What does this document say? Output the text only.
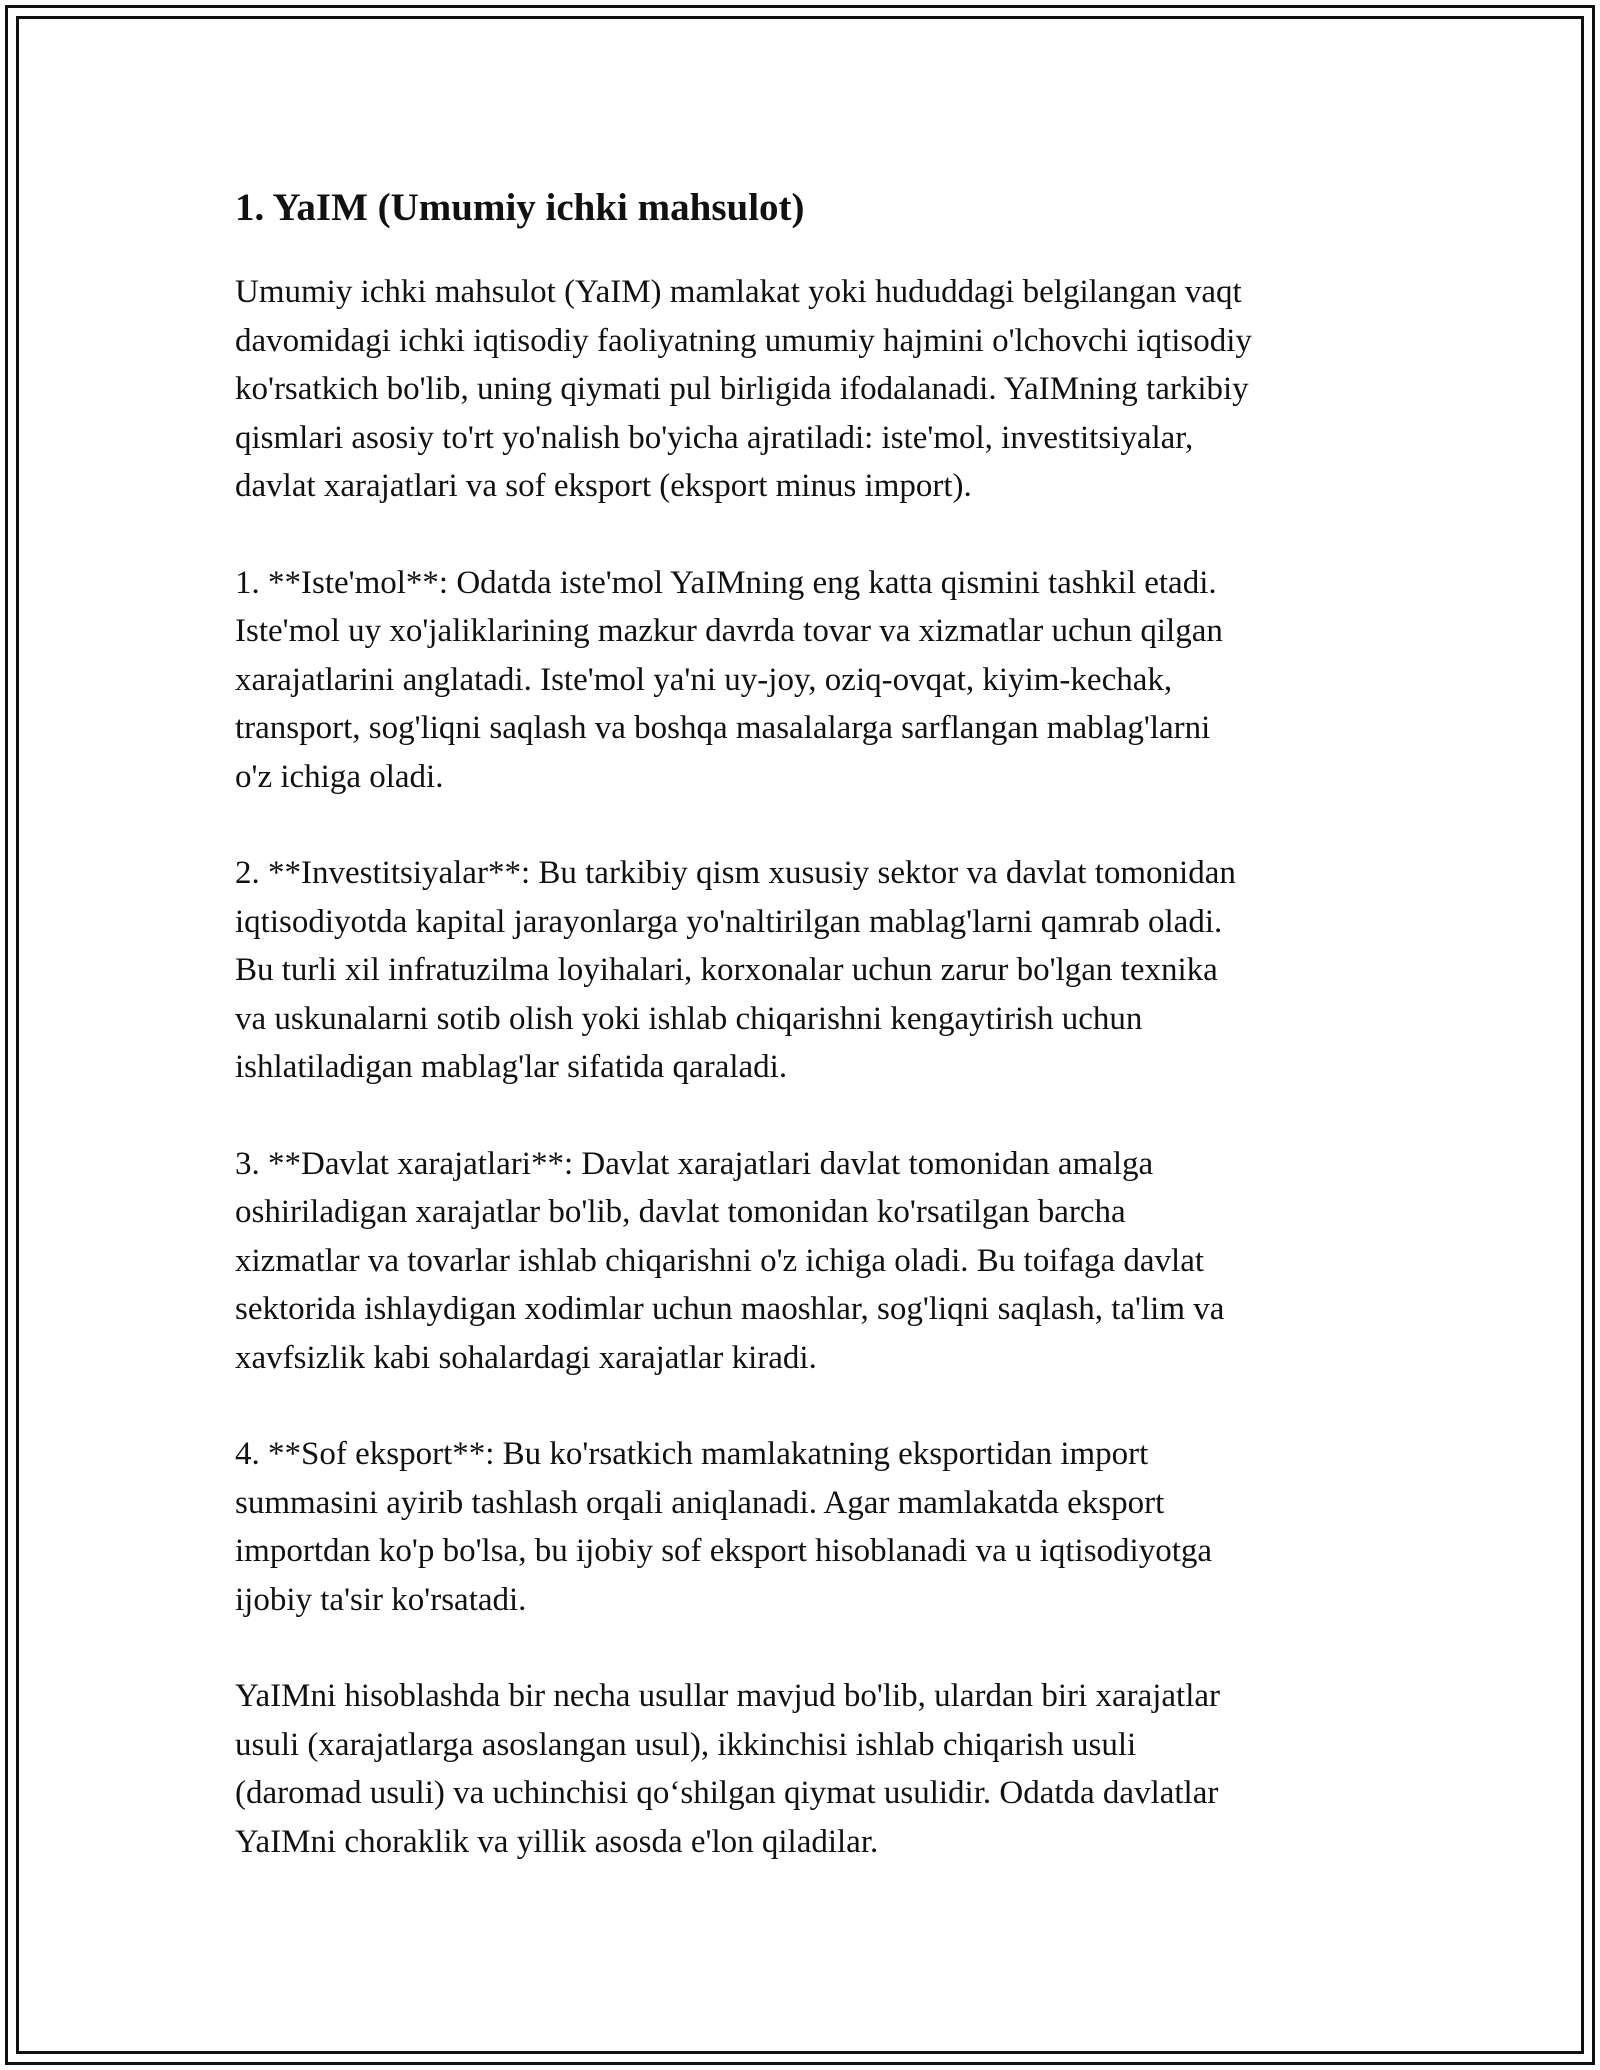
1. YaIM (Umumiy ichki mahsulot)

Umumiy ichki mahsulot (YaIM) mamlakat yoki hududdagi belgilangan vaqt
davomidagi ichki iqtisodiy faoliyatning umumiy hajmini o'lchovchi iqtisodiy
ko'rsatkich bo'lib, uning qiymati pul birligida ifodalanadi. YaIMning tarkibiy
qismlari asosiy to'rt yo'nalish bo'yicha ajratiladi: iste'mol, investitsiyalar,
davlat xarajatlari va sof eksport (eksport minus import).

1. **Iste'mol**: Odatda iste'mol YaIMning eng katta qismini tashkil etadi.
Iste'mol uy xo'jaliklarining mazkur davrda tovar va xizmatlar uchun qilgan
xarajatlarini anglatadi. Iste'mol ya'ni uy-joy, oziq-ovqat, kiyim-kechak,
transport, sog'liqni saqlash va boshqa masalalarga sarflangan mablag'larni
o'z ichiga oladi.

2. **Investitsiyalar**: Bu tarkibiy qism xususiy sektor va davlat tomonidan
iqtisodiyotda kapital jarayonlarga yo'naltirilgan mablag'larni qamrab oladi.
Bu turli xil infratuzilma loyihalari, korxonalar uchun zarur bo'lgan texnika
va uskunalarni sotib olish yoki ishlab chiqarishni kengaytirish uchun
ishlatiladigan mablag'lar sifatida qaraladi.

3. **Davlat xarajatlari**: Davlat xarajatlari davlat tomonidan amalga
oshiriladigan xarajatlar bo'lib, davlat tomonidan ko'rsatilgan barcha
xizmatlar va tovarlar ishlab chiqarishni o'z ichiga oladi. Bu toifaga davlat
sektorida ishlaydigan xodimlar uchun maoshlar, sog'liqni saqlash, ta'lim va
xavfsizlik kabi sohalardagi xarajatlar kiradi.

4. **Sof eksport**: Bu ko'rsatkich mamlakatning eksportidan import
summasini ayirib tashlash orqali aniqlanadi. Agar mamlakatda eksport
importdan ko'p bo'lsa, bu ijobiy sof eksport hisoblanadi va u iqtisodiyotga
ijobiy ta'sir ko'rsatadi.

YaIMni hisoblashda bir necha usullar mavjud bo'lib, ulardan biri xarajatlar
usuli (xarajatlarga asoslangan usul), ikkinchisi ishlab chiqarish usuli
(daromad usuli) va uchinchisi qo‘shilgan qiymat usulidir. Odatda davlatlar
YaIMni choraklik va yillik asosda e'lon qiladilar.
